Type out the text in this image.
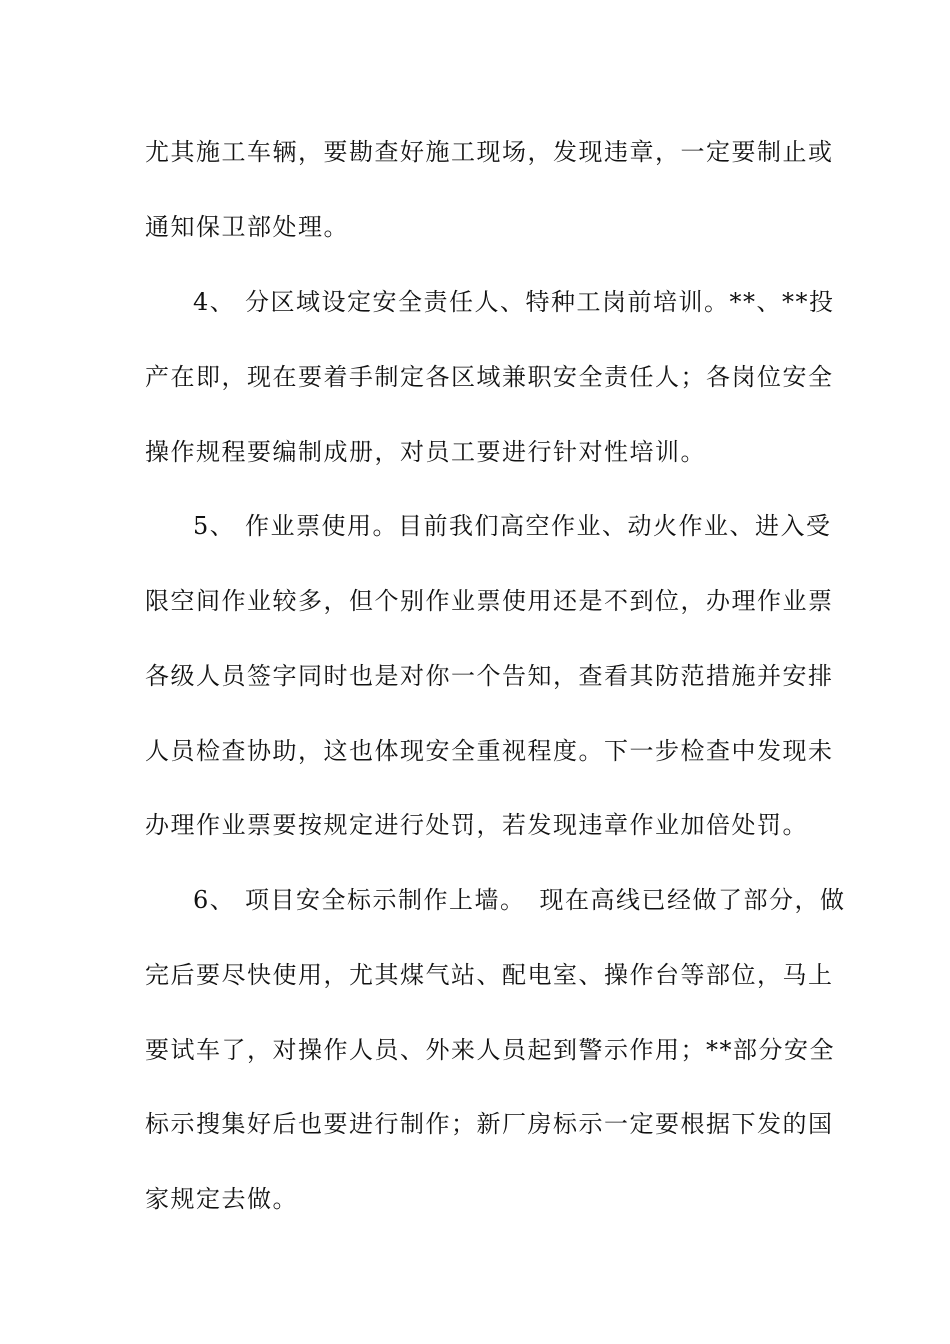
尤其施工车辆，要勘查好施工现场，发现违章，一定要制止或
通知保卫部处理。
4、 分区域设定安全责任人、特种工岗前培训。**、**投
产在即，现在要着手制定各区域兼职安全责任人；各岗位安全
操作规程要编制成册，对员工要进行针对性培训。
5、 作业票使用。目前我们高空作业、动火作业、进入受
限空间作业较多，但个别作业票使用还是不到位，办理作业票
各级人员签字同时也是对你一个告知，查看其防范措施并安排
人员检查协助，这也体现安全重视程度。下一步检查中发现未
办理作业票要按规定进行处罚，若发现违章作业加倍处罚。
6、 项目安全标示制作上墙。 现在高线已经做了部分，做
完后要尽快使用，尤其煤气站、配电室、操作台等部位，马上
要试车了，对操作人员、外来人员起到警示作用；**部分安全
标示搜集好后也要进行制作；新厂房标示一定要根据下发的国
家规定去做。
